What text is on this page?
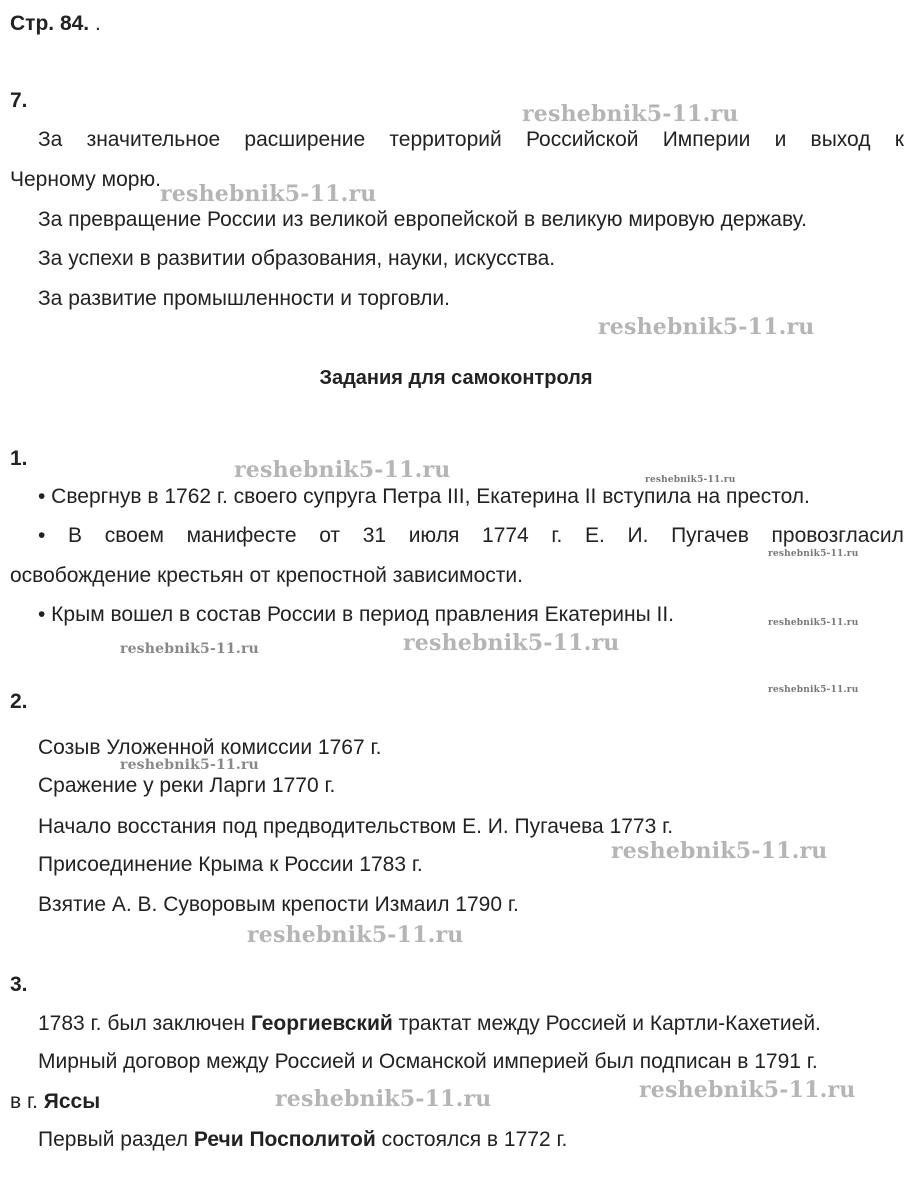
Стр. 84. .
7.
За значительное расширение территорий Российской Империи и выход к
Черному морю.
За превращение России из великой европейской в великую мировую державу.
За успехи в развитии образования, науки, искусства.
За развитие промышленности и торговли.
Задания для самоконтроля
1.
• Свергнув в 1762 г. своего супруга Петра III, Екатерина II вступила на престол.
• В своем манифесте от 31 июля 1774 г. Е. И. Пугачев провозгласил
освобождение крестьян от крепостной зависимости.
• Крым вошел в состав России в период правления Екатерины II.
2.
Созыв Уложенной комиссии 1767 г.
Сражение у реки Ларги 1770 г.
Начало восстания под предводительством Е. И. Пугачева 1773 г.
Присоединение Крыма к России 1783 г.
Взятие А. В. Суворовым крепости Измаил 1790 г.
3.
1783 г. был заключен Георгиевский трактат между Россией и Картли-Кахетией.
Мирный договор между Россией и Османской империей был подписан в 1791 г.
в г. Яссы
Первый раздел Речи Посполитой состоялся в 1772 г.
reshebnik5-11.ru
reshebnik5-11.ru
reshebnik5-11.ru
reshebnik5-11.ru	reshebnik5-11.ru
reshebnik5-11.ru
reshebnik5-11.ru
reshebnik5-11.ru	reshebnik5-11.ru
reshebnik5-11.ru
reshebnik5-11.ru
reshebnik5-11.ru
reshebnik5-11.ru
reshebnik5-11.ru
reshebnik5-11.ru
